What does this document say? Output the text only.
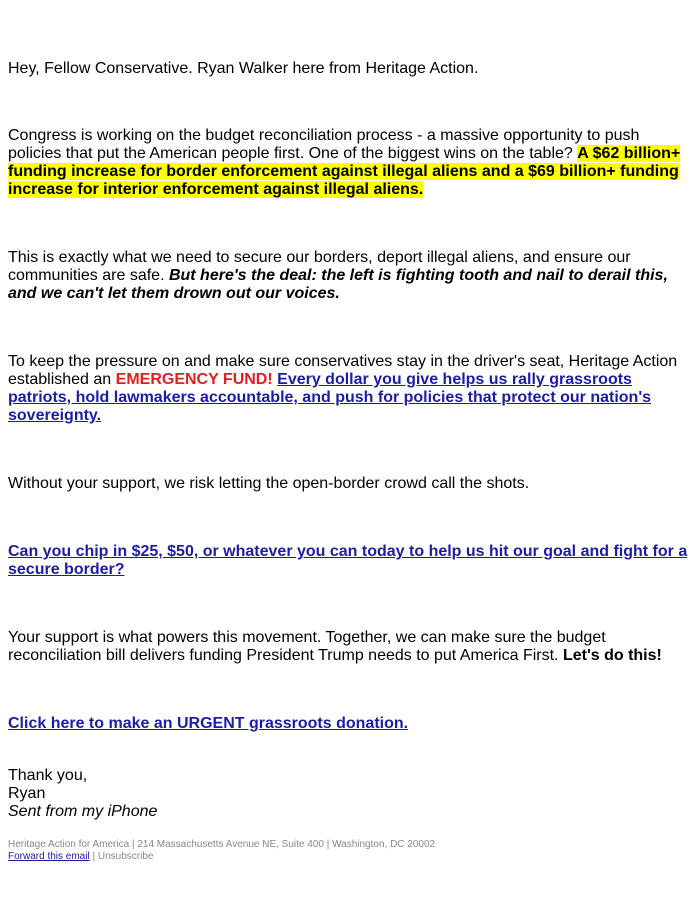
Hey, Fellow Conservative. Ryan Walker here from Heritage Action.

Congress is working on the budget reconciliation process - a massive opportunity to push policies that put the American people first. One of the biggest wins on the table? A $62 billion+ funding increase for border enforcement against illegal aliens and a $69 billion+ funding increase for interior enforcement against illegal aliens.

This is exactly what we need to secure our borders, deport illegal aliens, and ensure our communities are safe. But here's the deal: the left is fighting tooth and nail to derail this, and we can't let them drown out our voices.

To keep the pressure on and make sure conservatives stay in the driver's seat, Heritage Action established an EMERGENCY FUND! Every dollar you give helps us rally grassroots patriots, hold lawmakers accountable, and push for policies that protect our nation's sovereignty.

Without your support, we risk letting the open-border crowd call the shots.

Can you chip in $25, $50, or whatever you can today to help us hit our goal and fight for a secure border?

Your support is what powers this movement. Together, we can make sure the budget reconciliation bill delivers funding President Trump needs to put America First. Let's do this!

Click here to make an URGENT grassroots donation.

Thank you,
Ryan
Sent from my iPhone
Heritage Action for America | 214 Massachusetts Avenue NE, Suite 400 | Washington, DC 20002
Forward this email | Unsubscribe
